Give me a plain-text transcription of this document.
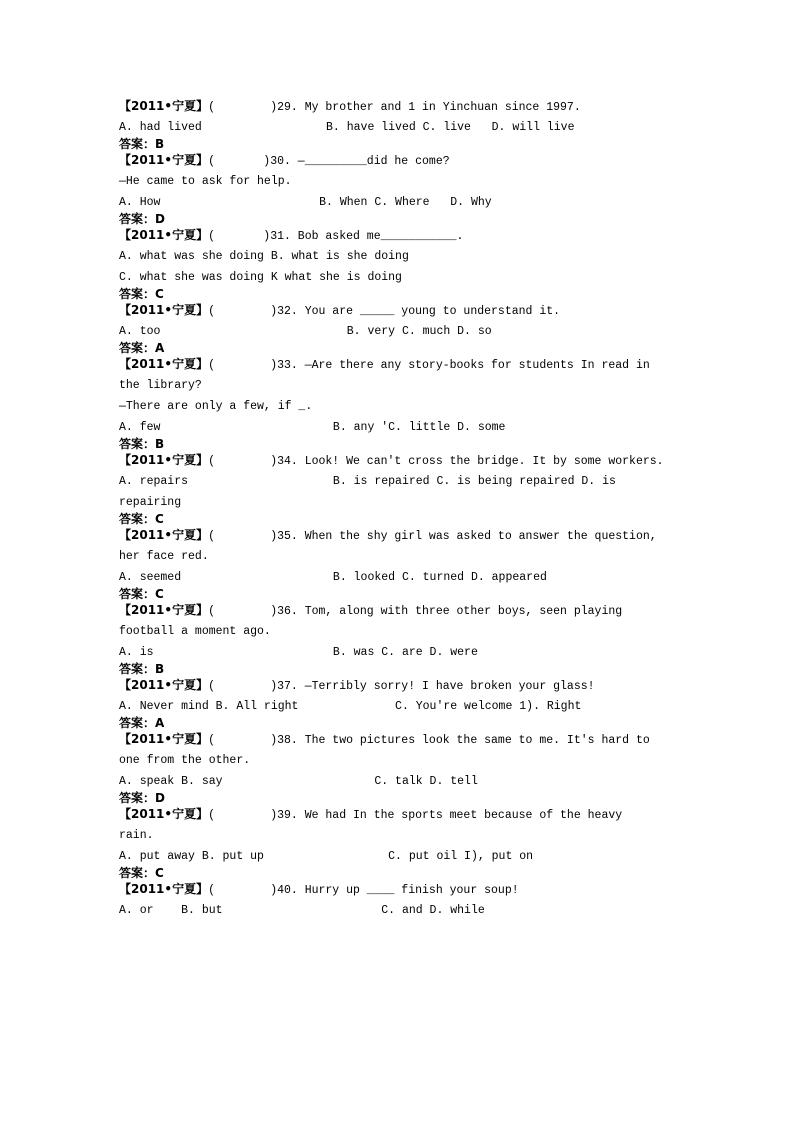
【2011•宁夏】(        )29. My brother and 1 in Yinchuan since 1997.
A. had lived                  B. have lived C. live   D. will live
答案：B
【2011•宁夏】(       )30. —_________did he come?
—He came to ask for help.
A. How                       B. When C. Where   D. Why
答案：D
【2011•宁夏】(       )31. Bob asked me___________.
A. what was she doing B. what is she doing
C. what she was doing K what she is doing
答案：C
【2011•宁夏】(        )32. You are _____ young to understand it.
A. too                           B. very C. much D. so
答案：A
【2011•宁夏】(        )33. —Are there any story-books for students In read in
the library?
—There are only a few, if _.
A. few                         B. any 'C. little D. some
答案：B
【2011•宁夏】(        )34. Look! We can't cross the bridge. It by some workers.
A. repairs                     B. is repaired C. is being repaired D. is
repairing
答案：C
【2011•宁夏】(        )35. When the shy girl was asked to answer the question,
her face red.
A. seemed                      B. looked C. turned D. appeared
答案：C
【2011•宁夏】(        )36. Tom, along with three other boys, seen playing
football a moment ago.
A. is                          B. was C. are D. were
答案：B
【2011•宁夏】(        )37. —Terribly sorry! I have broken your glass!
A. Never mind B. All right              C. You're welcome 1). Right
答案：A
【2011•宁夏】(        )38. The two pictures look the same to me. It's hard to
one from the other.
A. speak B. say                      C. talk D. tell
答案：D
【2011•宁夏】(        )39. We had In the sports meet because of the heavy
rain.
A. put away B. put up                  C. put oil I), put on
答案：C
【2011•宁夏】(        )40. Hurry up ____ finish your soup!
A. or    B. but                       C. and D. while
